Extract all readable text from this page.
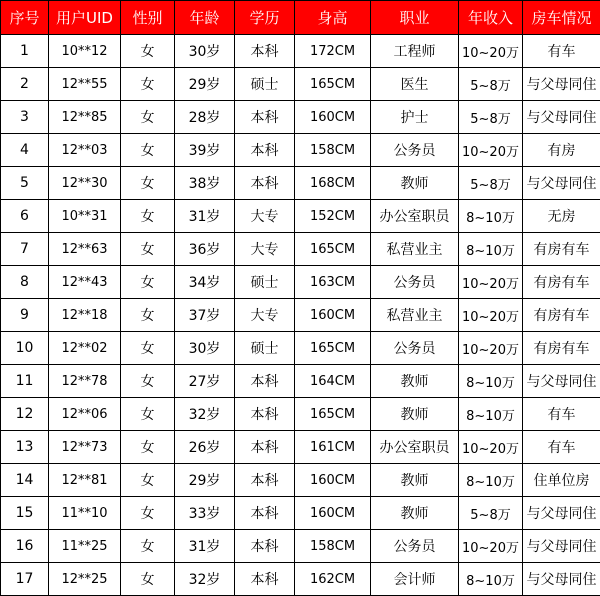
序号	用户UID	性别	年龄	学历	身高	职业	年收入	房车情况
1	10**12	女	30岁	本科	172CM	工程师	10~20万	有车
2	12**55	女	29岁	硕士	165CM	医生	5~8万	与父母同住
3	12**85	女	28岁	本科	160CM	护士	5~8万	与父母同住
4	12**03	女	39岁	本科	158CM	公务员	10~20万	有房
5	12**30	女	38岁	本科	168CM	教师	5~8万	与父母同住
6	10**31	女	31岁	大专	152CM	办公室职员	8~10万	无房
7	12**63	女	36岁	大专	165CM	私营业主	8~10万	有房有车
8	12**43	女	34岁	硕士	163CM	公务员	10~20万	有房有车
9	12**18	女	37岁	大专	160CM	私营业主	10~20万	有房有车
10	12**02	女	30岁	硕士	165CM	公务员	10~20万	有房有车
11	12**78	女	27岁	本科	164CM	教师	8~10万	与父母同住
12	12**06	女	32岁	本科	165CM	教师	8~10万	有车
13	12**73	女	26岁	本科	161CM	办公室职员	10~20万	有车
14	12**81	女	29岁	本科	160CM	教师	8~10万	住单位房
15	11**10	女	33岁	本科	160CM	教师	5~8万	与父母同住
16	11**25	女	31岁	本科	158CM	公务员	10~20万	与父母同住
17	12**25	女	32岁	本科	162CM	会计师	8~10万	与父母同住
